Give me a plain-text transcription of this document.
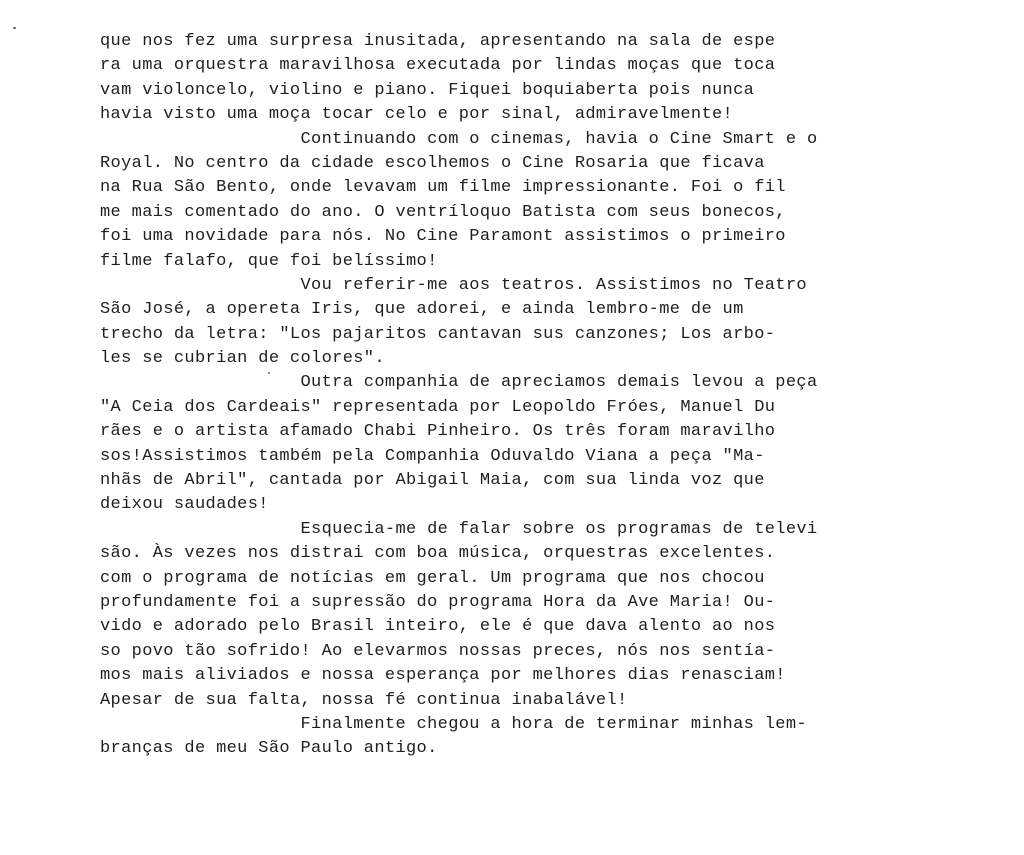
que nos fez uma surpresa inusitada, apresentando na sala de espe
ra uma orquestra maravilhosa executada por lindas moças que toca
vam violoncelo, violino e piano. Fiquei boquiaberta pois nunca
havia visto uma moça tocar celo e por sinal, admiravelmente!
Continuando com o cinemas, havia o Cine Smart e o
Royal. No centro da cidade escolhemos o Cine Rosaria que ficava
na Rua São Bento, onde levavam um filme impressionante. Foi o fil
me mais comentado do ano. O ventríloquo Batista com seus bonecos,
foi uma novidade para nós. No Cine Paramont assistimos o primeiro
filme falafo, que foi belíssimo!
Vou referir-me aos teatros. Assistimos no Teatro
São José, a opereta Iris, que adorei, e ainda lembro-me de um
trecho da letra: "Los pajaritos cantavan sus canzones; Los arbo-
les se cubrian de colores".
Outra companhia de apreciamos demais levou a peça
"A Ceia dos Cardeais" representada por Leopoldo Fróes, Manuel Du
rães e o artista afamado Chabi Pinheiro. Os três foram maravilho
sos!Assistimos também pela Companhia Oduvaldo Viana a peça "Ma-
nhãs de Abril", cantada por Abigail Maia, com sua linda voz que
deixou saudades!
Esquecia-me de falar sobre os programas de televi
são. Às vezes nos distrai com boa música, orquestras excelentes.
com o programa de notícias em geral. Um programa que nos chocou
profundamente foi a supressão do programa Hora da Ave Maria! Ou-
vido e adorado pelo Brasil inteiro, ele é que dava alento ao nos
so povo tão sofrido! Ao elevarmos nossas preces, nós nos sentía-
mos mais aliviados e nossa esperança por melhores dias renasciam!
Apesar de sua falta, nossa fé continua inabalável!
Finalmente chegou a hora de terminar minhas lem-
branças de meu São Paulo antigo.
